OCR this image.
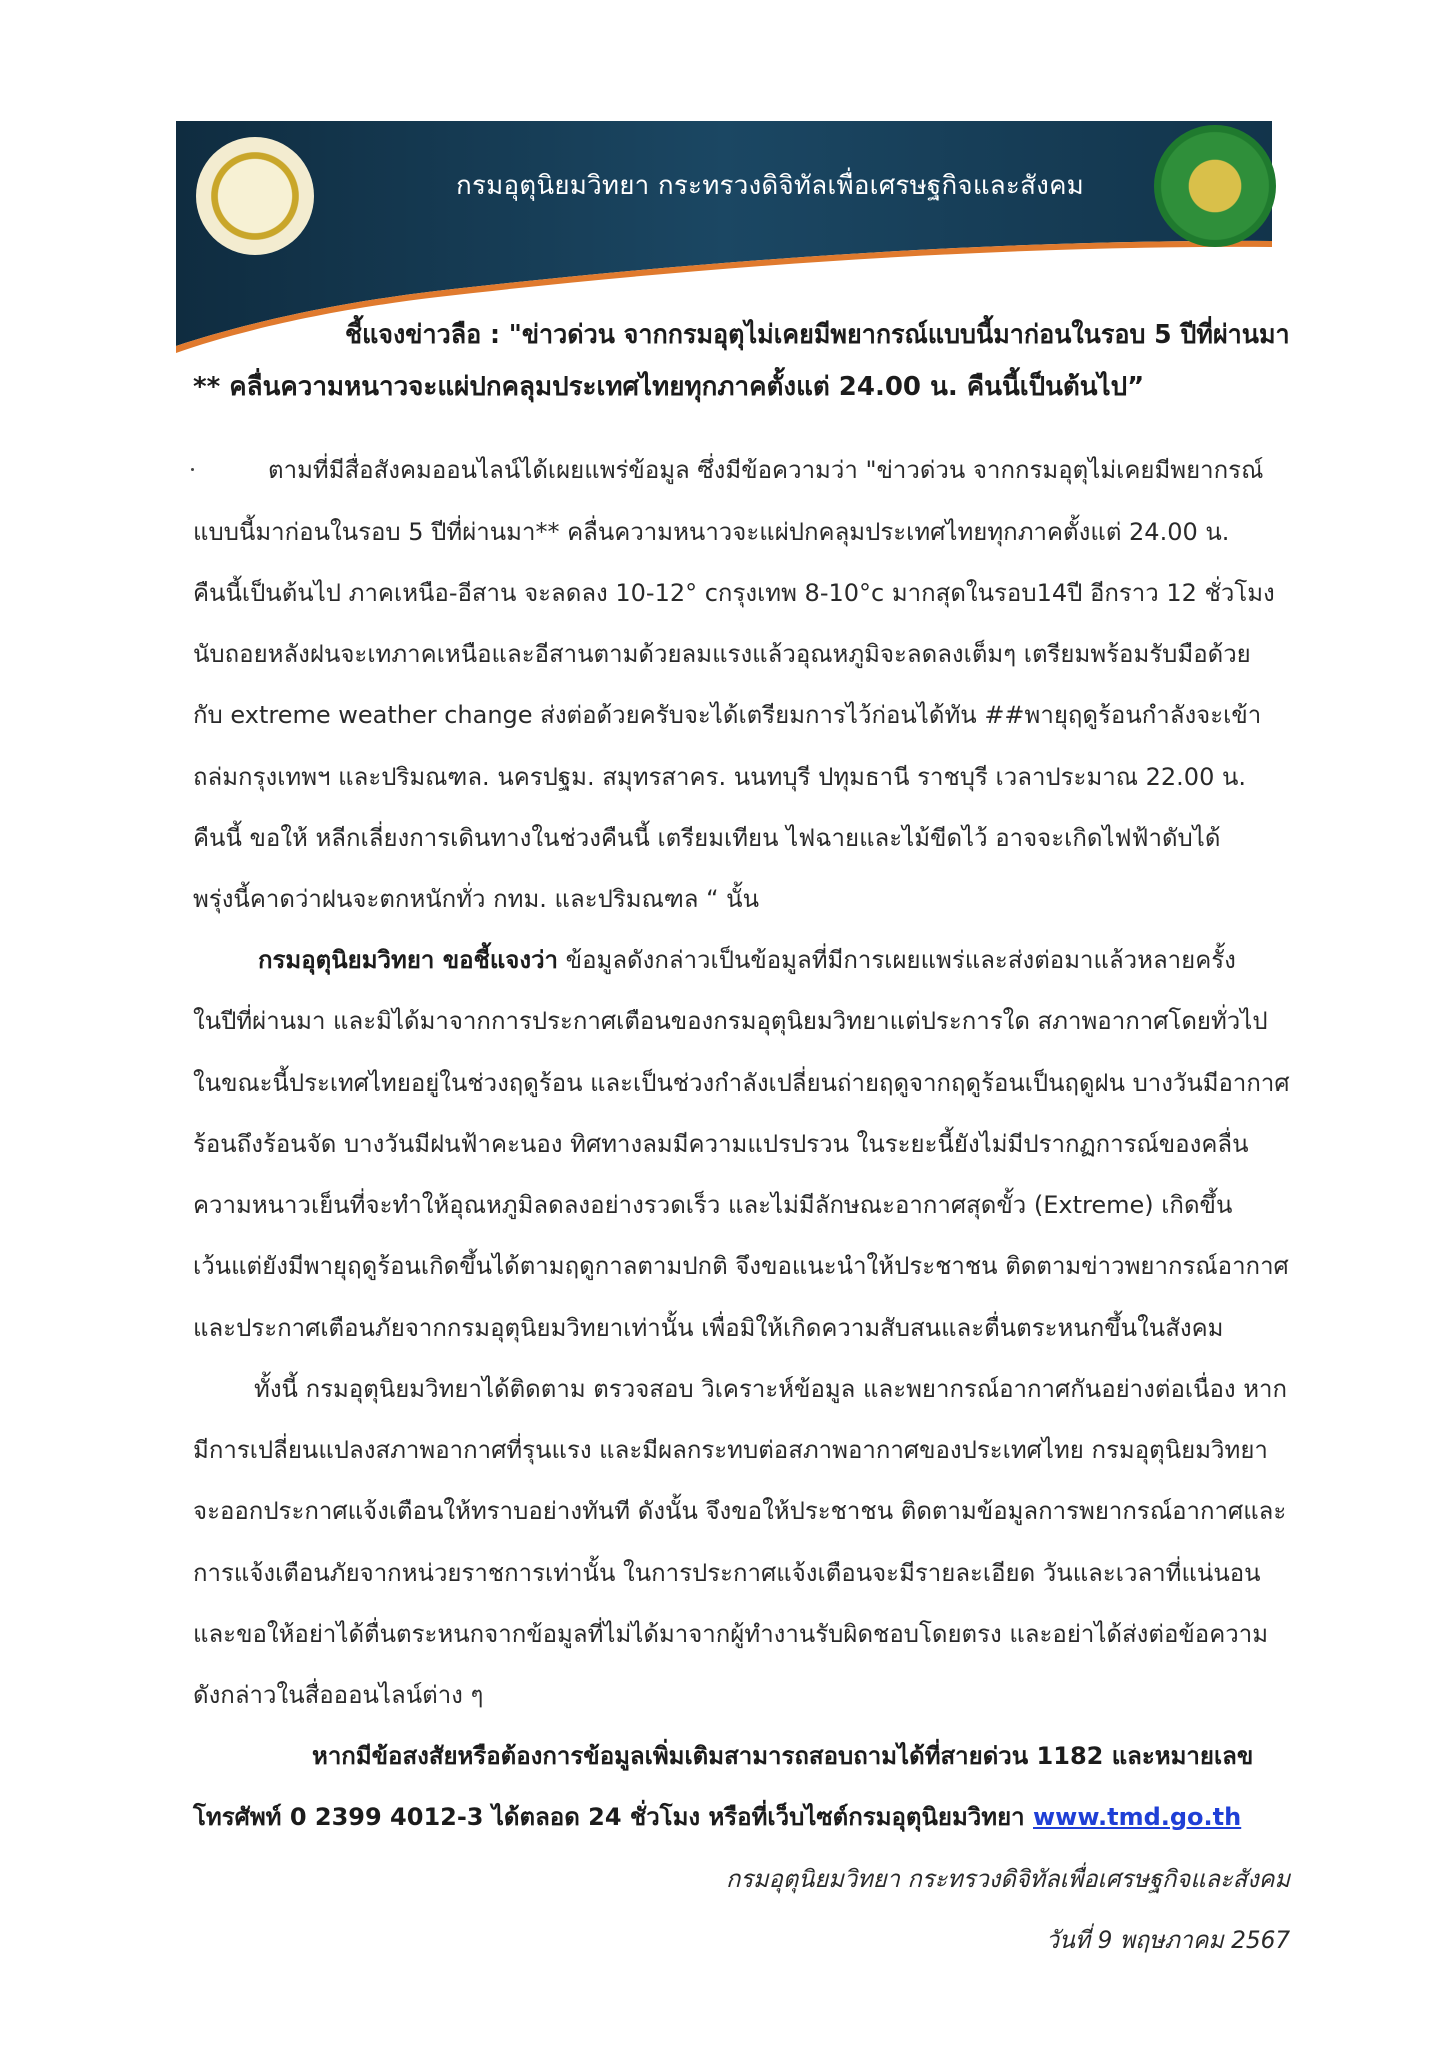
กรมอุตุนิยมวิทยา กระทรวงดิจิทัลเพื่อเศรษฐกิจและสังคม
ชี้แจงข่าวลือ : "ข่าวด่วน จากกรมอุตุไม่เคยมีพยากรณ์แบบนี้มาก่อนในรอบ 5 ปีที่ผ่านมา
** คลื่นความหนาวจะแผ่ปกคลุมประเทศไทยทุกภาคตั้งแต่ 24.00 น. คืนนี้เป็นต้นไป”
ตามที่มีสื่อสังคมออนไลน์ได้เผยแพร่ข้อมูล ซึ่งมีข้อความว่า "ข่าวด่วน จากกรมอุตุไม่เคยมีพยากรณ์
แบบนี้มาก่อนในรอบ 5 ปีที่ผ่านมา** คลื่นความหนาวจะแผ่ปกคลุมประเทศไทยทุกภาคตั้งแต่ 24.00 น.
คืนนี้เป็นต้นไป ภาคเหนือ-อีสาน จะลดลง 10-12° cกรุงเทพ 8-10°c มากสุดในรอบ14ปี อีกราว 12 ชั่วโมง
นับถอยหลังฝนจะเทภาคเหนือและอีสานตามด้วยลมแรงแล้วอุณหภูมิจะลดลงเต็มๆ เตรียมพร้อมรับมือด้วย
กับ extreme weather change ส่งต่อด้วยครับจะได้เตรียมการไว้ก่อนได้ทัน ##พายุฤดูร้อนกำลังจะเข้า
ถล่มกรุงเทพฯ และปริมณฑล. นครปฐม. สมุทรสาคร. นนทบุรี ปทุมธานี ราชบุรี เวลาประมาณ 22.00 น.
คืนนี้ ขอให้ หลีกเลี่ยงการเดินทางในช่วงคืนนี้ เตรียมเทียน ไฟฉายและไม้ขีดไว้ อาจจะเกิดไฟฟ้าดับได้
พรุ่งนี้คาดว่าฝนจะตกหนักทั่ว กทม. และปริมณฑล “ นั้น
กรมอุตุนิยมวิทยา ขอชี้แจงว่า ข้อมูลดังกล่าวเป็นข้อมูลที่มีการเผยแพร่และส่งต่อมาแล้วหลายครั้ง
ในปีที่ผ่านมา และมิได้มาจากการประกาศเตือนของกรมอุตุนิยมวิทยาแต่ประการใด สภาพอากาศโดยทั่วไป
ในขณะนี้ประเทศไทยอยู่ในช่วงฤดูร้อน และเป็นช่วงกำลังเปลี่ยนถ่ายฤดูจากฤดูร้อนเป็นฤดูฝน บางวันมีอากาศ
ร้อนถึงร้อนจัด บางวันมีฝนฟ้าคะนอง ทิศทางลมมีความแปรปรวน ในระยะนี้ยังไม่มีปรากฏการณ์ของคลื่น
ความหนาวเย็นที่จะทำให้อุณหภูมิลดลงอย่างรวดเร็ว และไม่มีลักษณะอากาศสุดขั้ว (Extreme) เกิดขึ้น
เว้นแต่ยังมีพายุฤดูร้อนเกิดขึ้นได้ตามฤดูกาลตามปกติ จึงขอแนะนำให้ประชาชน ติดตามข่าวพยากรณ์อากาศ
และประกาศเตือนภัยจากกรมอุตุนิยมวิทยาเท่านั้น เพื่อมิให้เกิดความสับสนและตื่นตระหนกขึ้นในสังคม
ทั้งนี้ กรมอุตุนิยมวิทยาได้ติดตาม ตรวจสอบ วิเคราะห์ข้อมูล และพยากรณ์อากาศกันอย่างต่อเนื่อง หาก
มีการเปลี่ยนแปลงสภาพอากาศที่รุนแรง และมีผลกระทบต่อสภาพอากาศของประเทศไทย กรมอุตุนิยมวิทยา
จะออกประกาศแจ้งเตือนให้ทราบอย่างทันที ดังนั้น จึงขอให้ประชาชน ติดตามข้อมูลการพยากรณ์อากาศและ
การแจ้งเตือนภัยจากหน่วยราชการเท่านั้น ในการประกาศแจ้งเตือนจะมีรายละเอียด วันและเวลาที่แน่นอน
และขอให้อย่าได้ตื่นตระหนกจากข้อมูลที่ไม่ได้มาจากผู้ทำงานรับผิดชอบโดยตรง และอย่าได้ส่งต่อข้อความ
ดังกล่าวในสื่อออนไลน์ต่าง ๆ
หากมีข้อสงสัยหรือต้องการข้อมูลเพิ่มเติมสามารถสอบถามได้ที่สายด่วน 1182 และหมายเลข
โทรศัพท์ 0 2399 4012-3 ได้ตลอด 24 ชั่วโมง หรือที่เว็บไซต์กรมอุตุนิยมวิทยา www.tmd.go.th
กรมอุตุนิยมวิทยา กระทรวงดิจิทัลเพื่อเศรษฐกิจและสังคม
วันที่ 9 พฤษภาคม 2567
